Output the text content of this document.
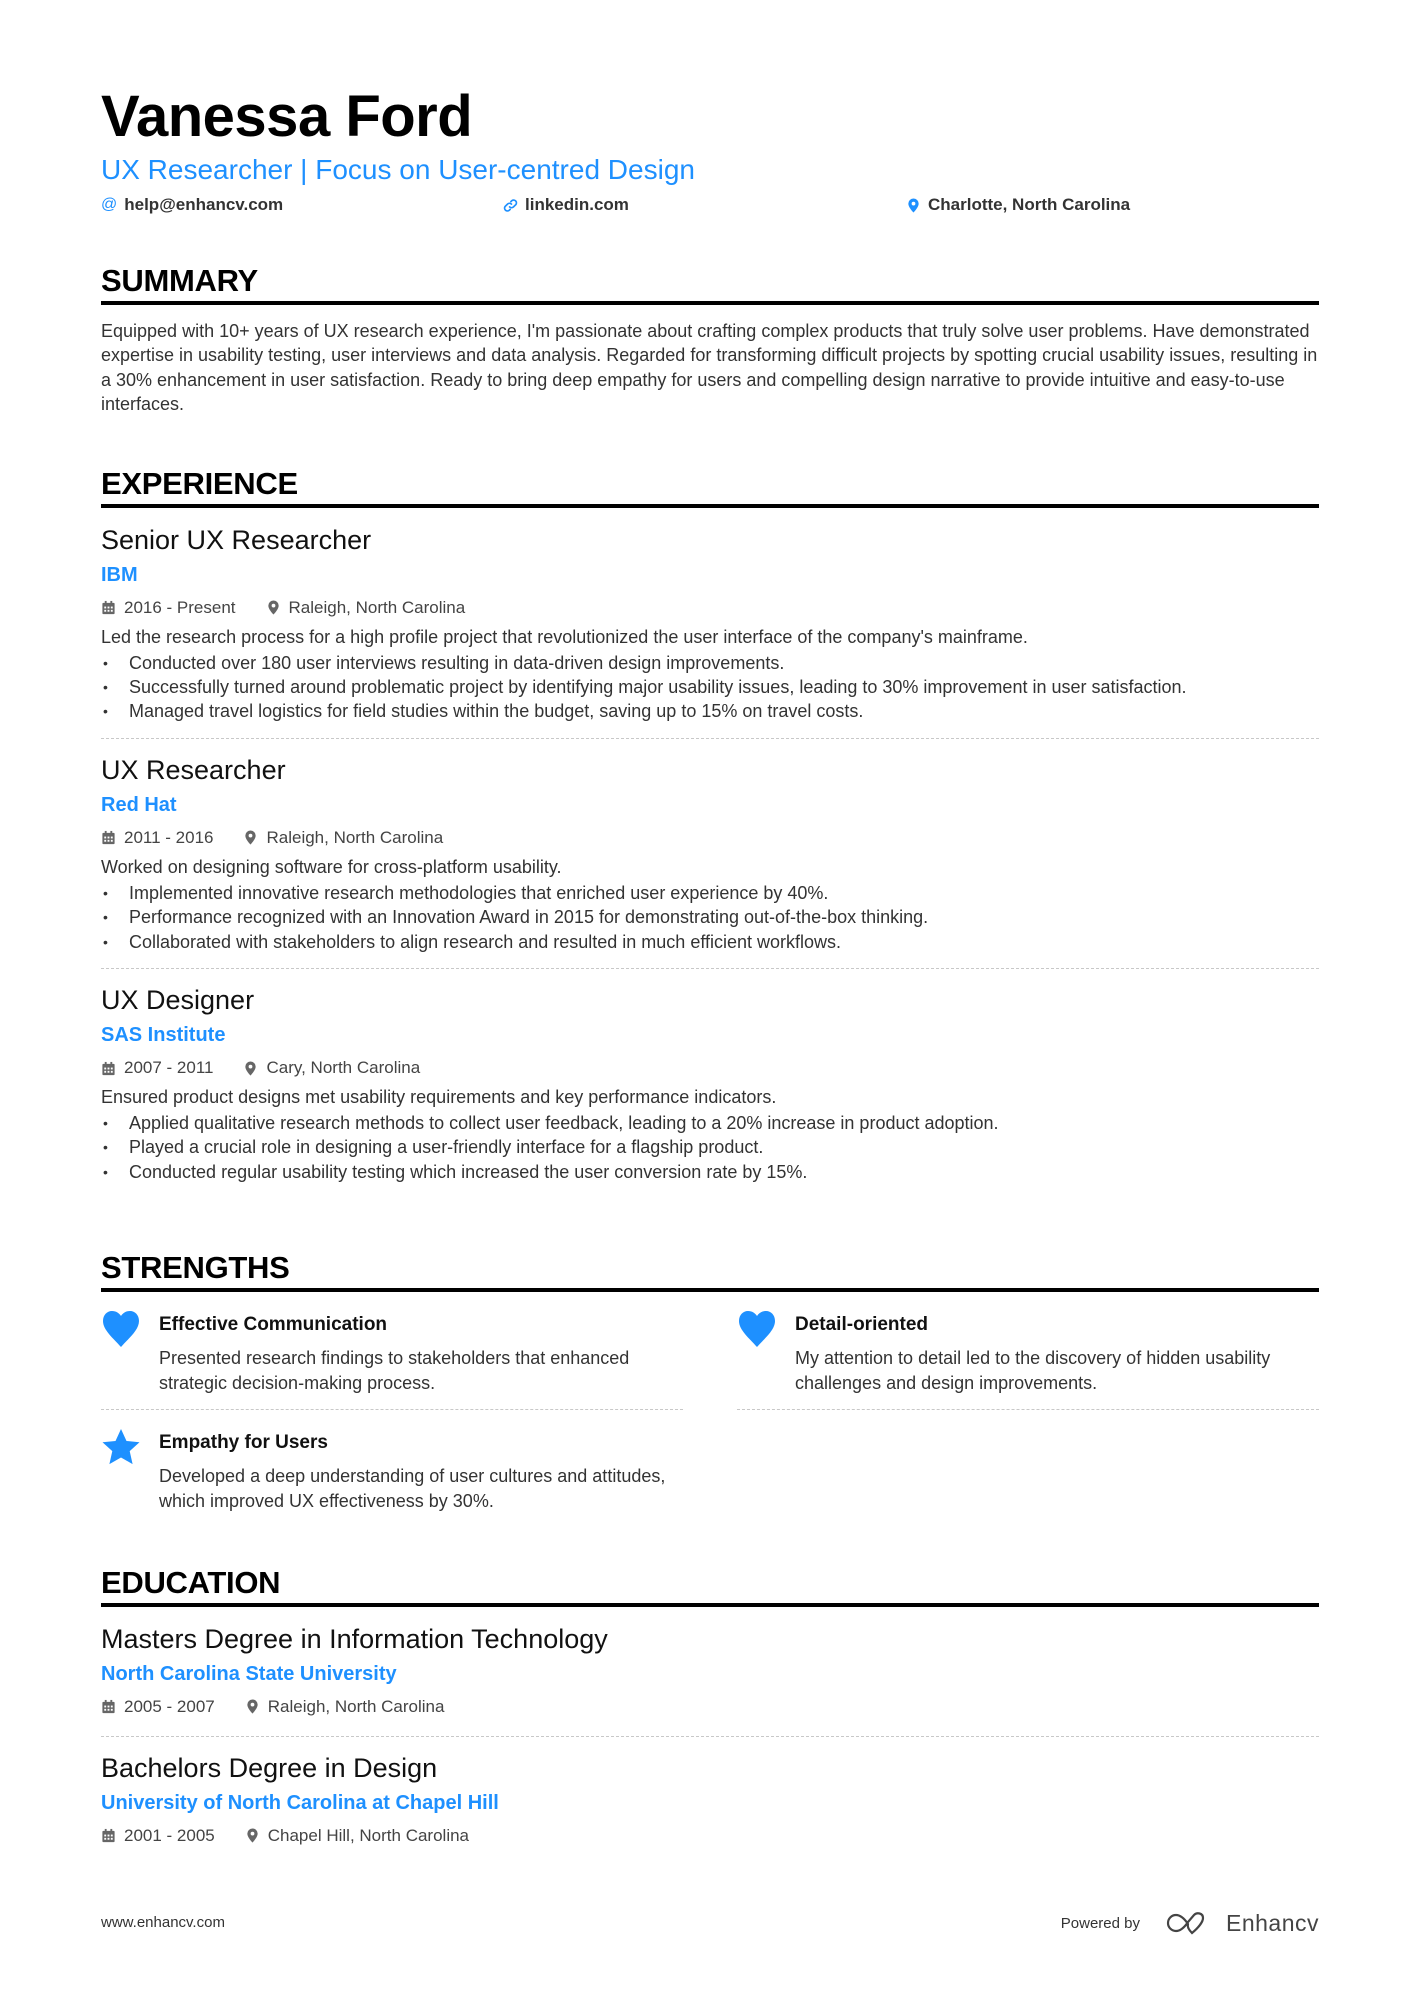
Vanessa Ford
UX Researcher | Focus on User-centred Design
@ help@enhancv.com	linkedin.com	Charlotte, North Carolina
SUMMARY

Equipped with 10+ years of UX research experience, I'm passionate about crafting complex products that truly solve user problems. Have demonstrated expertise in usability testing, user interviews and data analysis. Regarded for transforming difficult projects by spotting crucial usability issues, resulting in a 30% enhancement in user satisfaction. Ready to bring deep empathy for users and compelling design narrative to provide intuitive and easy-to-use interfaces.

EXPERIENCE
Senior UX Researcher
IBM
2016 - Present	Raleigh, North Carolina

Led the research process for a high profile project that revolutionized the user interface of the company's mainframe.

• Conducted over 180 user interviews resulting in data-driven design improvements.
• Successfully turned around problematic project by identifying major usability issues, leading to 30% improvement in user satisfaction.
• Managed travel logistics for field studies within the budget, saving up to 15% on travel costs.
UX Researcher
Red Hat
2011 - 2016	Raleigh, North Carolina

Worked on designing software for cross-platform usability.

• Implemented innovative research methodologies that enriched user experience by 40%.
• Performance recognized with an Innovation Award in 2015 for demonstrating out-of-the-box thinking.
• Collaborated with stakeholders to align research and resulted in much efficient workflows.
UX Designer
SAS Institute
2007 - 2011	Cary, North Carolina

Ensured product designs met usability requirements and key performance indicators.

• Applied qualitative research methods to collect user feedback, leading to a 20% increase in product adoption.
• Played a crucial role in designing a user-friendly interface for a flagship product.
• Conducted regular usability testing which increased the user conversion rate by 15%.
STRENGTHS
Effective Communication

Presented research findings to stakeholders that enhanced strategic decision-making process.

Detail-oriented

My attention to detail led to the discovery of hidden usability challenges and design improvements.

Empathy for Users

Developed a deep understanding of user cultures and attitudes, which improved UX effectiveness by 30%.

EDUCATION
Masters Degree in Information Technology
North Carolina State University
2005 - 2007	Raleigh, North Carolina
Bachelors Degree in Design
University of North Carolina at Chapel Hill
2001 - 2005	Chapel Hill, North Carolina
www.enhancv.com	Powered by	Enhancv
